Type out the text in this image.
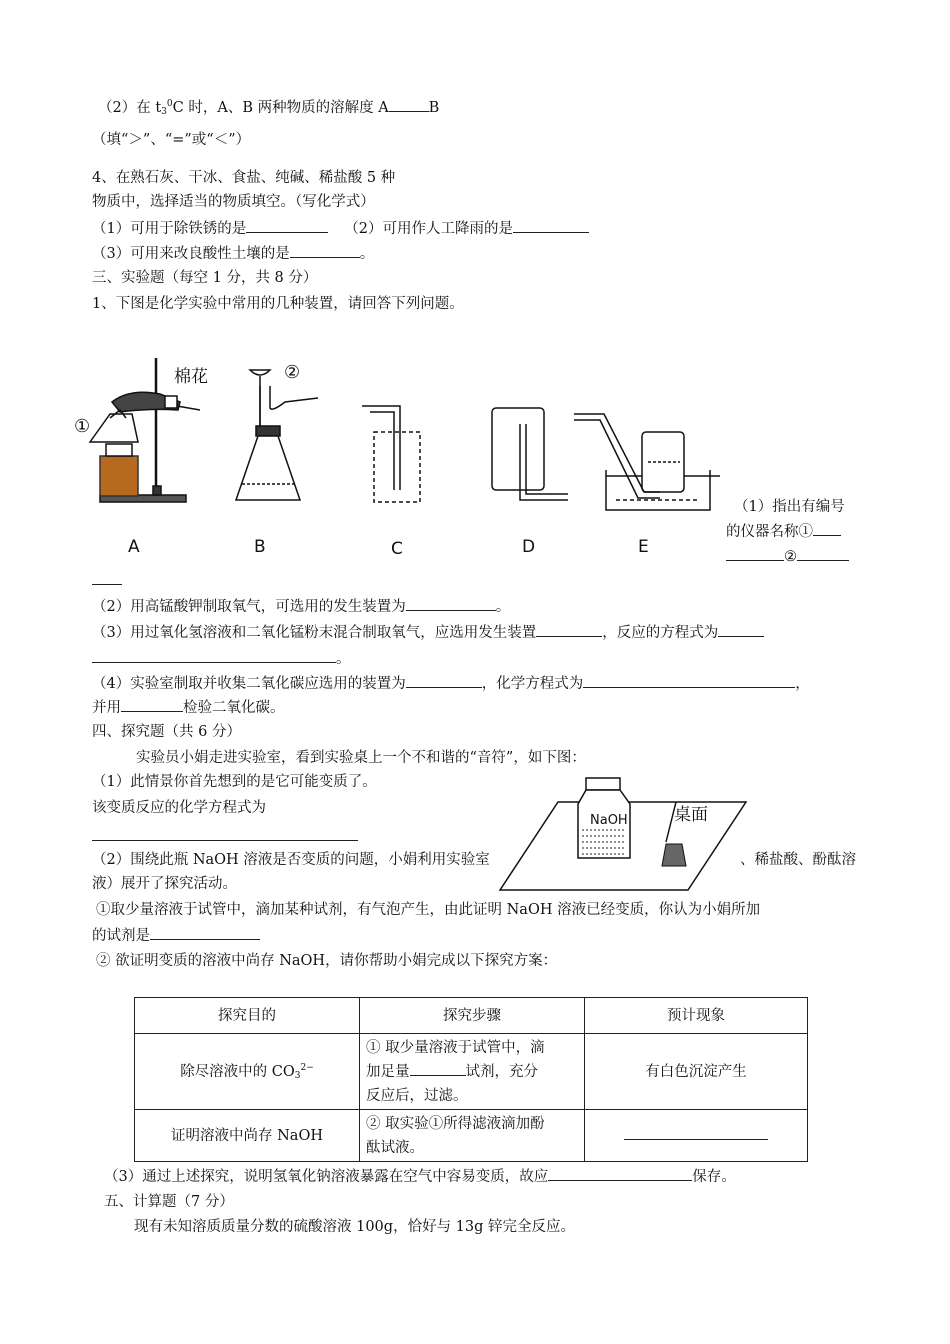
（2）在 $t_3^0C$ 时，A、B 两种物质的溶解度 A	B
（填“＞”、“=”或“＜”）
4、在熟石灰、干冰、食盐、纯碱、稀盐酸 5 种
物质中，选择适当的物质填空。（写化学式）
（1）可用于除铁锈的是	（2）可用作人工降雨的是
（3）可用来改良酸性土壤的是	。
三、实验题（每空 1 分，共 8 分）
1、下图是化学实验中常用的几种装置，请回答下列问题。
①
棉花	②
A	B	C	D	E
（1）指出有编号
的仪器名称①
②
（2）用高锰酸钾制取氧气，可选用的发生装置为	。
（3）用过氧化氢溶液和二氧化锰粉末混合制取氧气，应选用发生装置	，反应的方程式为
。
（4）实验室制取并收集二氧化碳应选用的装置为	，化学方程式为	，
并用	检验二氧化碳。
四、探究题（共 6 分）
实验员小娟走进实验室，看到实验桌上一个不和谐的“音符”，如下图：
（1）此情景你首先想到的是它可能变质了。
该变质反应的化学方程式为
NaOH	桌面
（2）围绕此瓶 NaOH 溶液是否变质的问题，小娟利用实验室	、稀盐酸、酚酞溶
液）展开了探究活动。
①取少量溶液于试管中，滴加某种试剂，有气泡产生，由此证明 NaOH 溶液已经变质，你认为小娟所加
的试剂是
② 欲证明变质的溶液中尚存 NaOH，请你帮助小娟完成以下探究方案：
探究目的	探究步骤	预计现象
除尽溶液中的 $CO_3^{2-}$	① 取少量溶液于试管中，滴
加足量 试剂，充分
反应后，过滤。	有白色沉淀产生
证明溶液中尚存 NaOH	② 取实验①所得滤液滴加酚
酞试液。	

（3）通过上述探究，说明氢氧化钠溶液暴露在空气中容易变质，故应	保存。
五、计算题（7 分）
现有未知溶质质量分数的硫酸溶液 100g，恰好与 13g 锌完全反应。
